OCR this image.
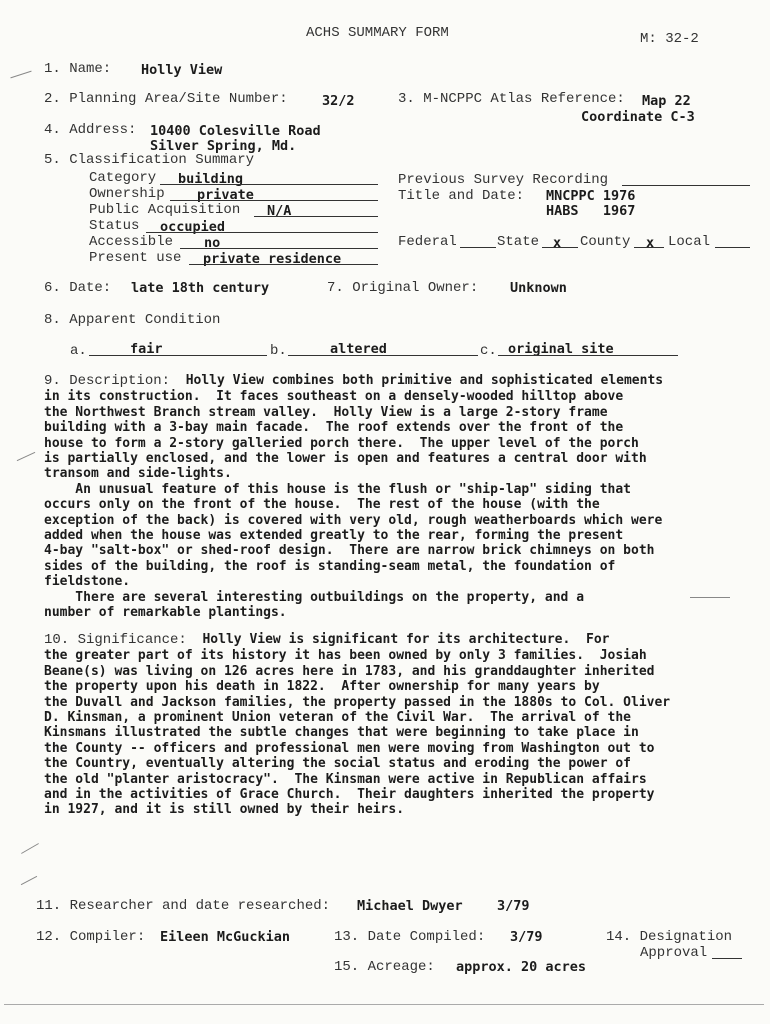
ACHS SUMMARY FORM	M: 32-2
1. Name: Holly View
2. Planning Area/Site Number:	32/2	3. M-NCPPC Atlas Reference: Map 22
Coordinate C-3
4. Address: 10400 Colesville Road
Silver Spring, Md.
5. Classification Summary
Category building
Ownership private
Public Acquisition N/A
Status occupied
Accessible no
Present use private residence
Previous Survey Recording
Title and Date: MNCPPC 1976
HABS   1967
Federal	State x County x Local
6. Date: late 18th century	7. Original Owner: Unknown
8. Apparent Condition
a.	fair	b.	altered	c. original site
9. Description: Holly View combines both primitive and sophisticated elements
in its construction.  It faces southeast on a densely-wooded hilltop above
the Northwest Branch stream valley.  Holly View is a large 2-story frame
building with a 3-bay main facade.  The roof extends over the front of the
house to form a 2-story galleried porch there.  The upper level of the porch
is partially enclosed, and the lower is open and features a central door with
transom and side-lights.
An unusual feature of this house is the flush or "ship-lap" siding that
occurs only on the front of the house.  The rest of the house (with the
exception of the back) is covered with very old, rough weatherboards which were
added when the house was extended greatly to the rear, forming the present
4-bay "salt-box" or shed-roof design.  There are narrow brick chimneys on both
sides of the building, the roof is standing-seam metal, the foundation of
fieldstone.
There are several interesting outbuildings on the property, and a
number of remarkable plantings.
10. Significance: Holly View is significant for its architecture.  For
the greater part of its history it has been owned by only 3 families.  Josiah
Beane(s) was living on 126 acres here in 1783, and his granddaughter inherited
the property upon his death in 1822.  After ownership for many years by
the Duvall and Jackson families, the property passed in the 1880s to Col. Oliver
D. Kinsman, a prominent Union veteran of the Civil War.  The arrival of the
Kinsmans illustrated the subtle changes that were beginning to take place in
the County -- officers and professional men were moving from Washington out to
the Country, eventually altering the social status and eroding the power of
the old "planter aristocracy".  The Kinsman were active in Republican affairs
and in the activities of Grace Church.  Their daughters inherited the property
in 1927, and it is still owned by their heirs.
11. Researcher and date researched: Michael Dwyer	3/79
12. Compiler: Eileen McGuckian	13. Date Compiled: 3/79	14. Designation
Approval
15. Acreage: approx. 20 acres
